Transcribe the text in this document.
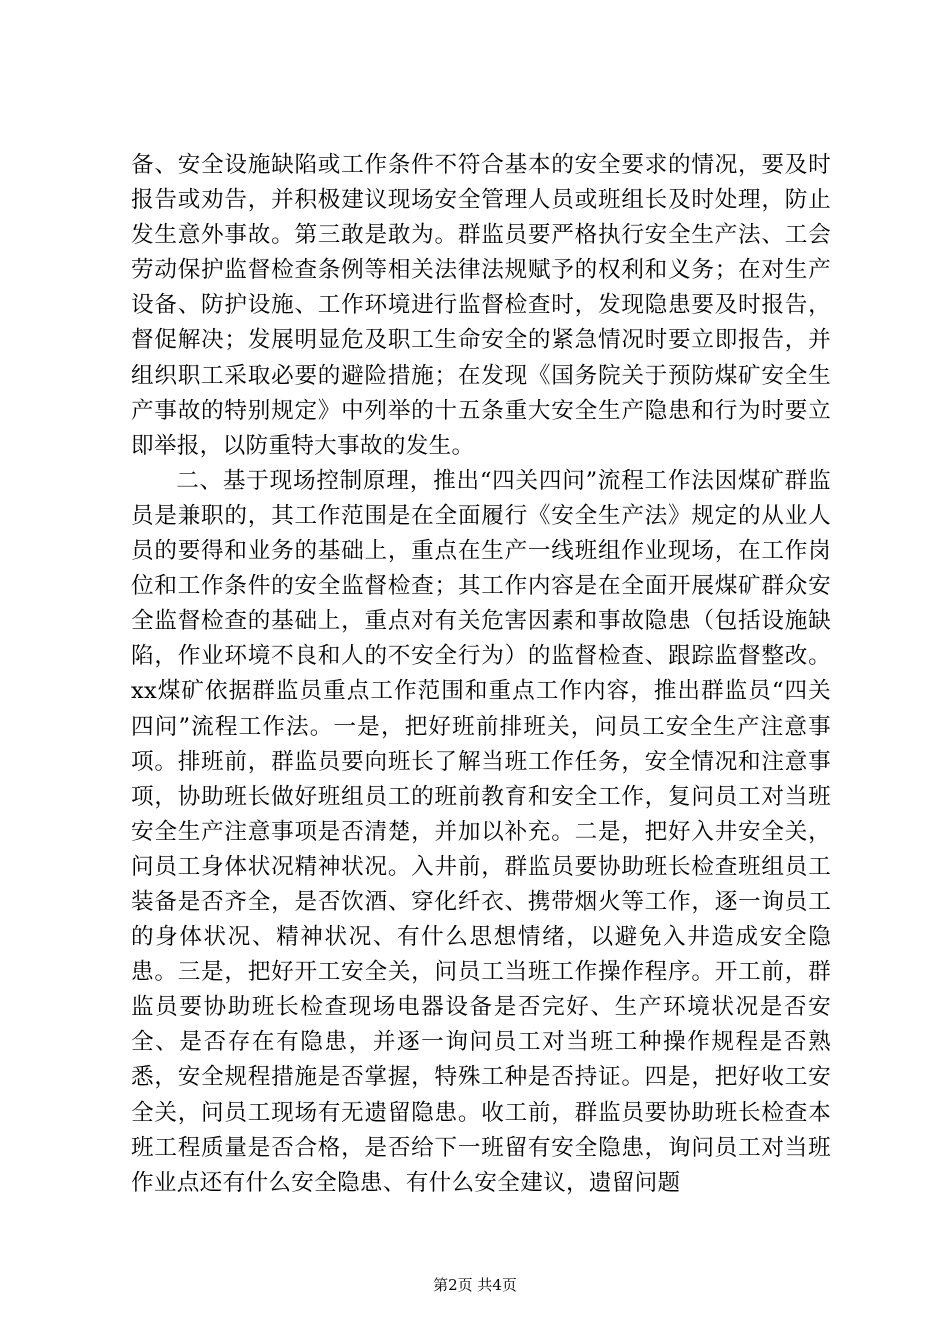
备、安全设施缺陷或工作条件不符合基本的安全要求的情况，要及时报告或劝告，并积极建议现场安全管理人员或班组长及时处理，防止发生意外事故。第三敢是敢为。群监员要严格执行安全生产法、工会劳动保护监督检查条例等相关法律法规赋予的权利和义务；在对生产设备、防护设施、工作环境进行监督检查时，发现隐患要及时报告，督促解决；发展明显危及职工生命安全的紧急情况时要立即报告，并组织职工采取必要的避险措施；在发现《国务院关于预防煤矿安全生产事故的特别规定》中列举的十五条重大安全生产隐患和行为时要立即举报，以防重特大事故的发生。

二、基于现场控制原理，推出“四关四问”流程工作法因煤矿群监员是兼职的，其工作范围是在全面履行《安全生产法》规定的从业人员的要得和业务的基础上，重点在生产一线班组作业现场，在工作岗位和工作条件的安全监督检查；其工作内容是在全面开展煤矿群众安全监督检查的基础上，重点对有关危害因素和事故隐患（包括设施缺陷，作业环境不良和人的不安全行为）的监督检查、跟踪监督整改。xx煤矿依据群监员重点工作范围和重点工作内容，推出群监员“四关四问”流程工作法。一是，把好班前排班关，问员工安全生产注意事项。排班前，群监员要向班长了解当班工作任务，安全情况和注意事项，协助班长做好班组员工的班前教育和安全工作，复问员工对当班安全生产注意事项是否清楚，并加以补充。二是，把好入井安全关，问员工身体状况精神状况。入井前，群监员要协助班长检查班组员工装备是否齐全，是否饮酒、穿化纤衣、携带烟火等工作，逐一询员工的身体状况、精神状况、有什么思想情绪，以避免入井造成安全隐患。三是，把好开工安全关，问员工当班工作操作程序。开工前，群监员要协助班长检查现场电器设备是否完好、生产环境状况是否安全、是否存在有隐患，并逐一询问员工对当班工种操作规程是否熟悉，安全规程措施是否掌握，特殊工种是否持证。四是，把好收工安全关，问员工现场有无遗留隐患。收工前，群监员要协助班长检查本班工程质量是否合格，是否给下一班留有安全隐患，询问员工对当班作业点还有什么安全隐患、有什么安全建议，遗留问题

第2页 共4页
